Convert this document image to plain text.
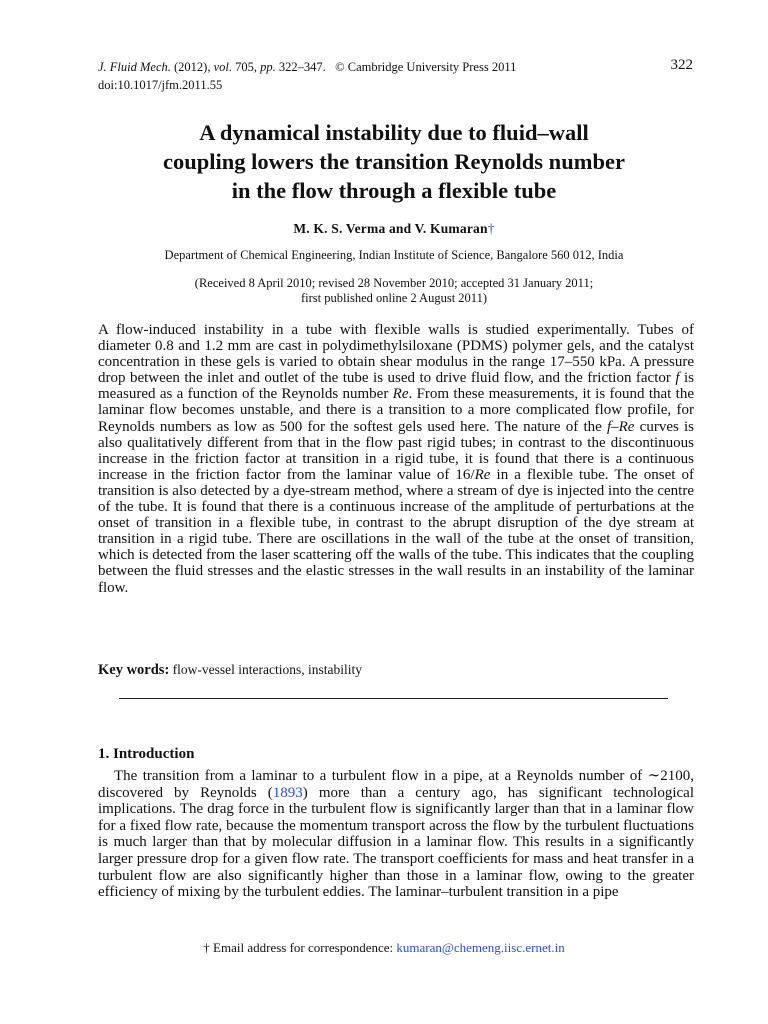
J. Fluid Mech. (2012), vol. 705, pp. 322–347. © Cambridge University Press 2011
doi:10.1017/jfm.2011.55
322
A dynamical instability due to fluid–wall
coupling lowers the transition Reynolds number
in the flow through a flexible tube
M. K. S. Verma and V. Kumaran†
Department of Chemical Engineering, Indian Institute of Science, Bangalore 560 012, India
(Received 8 April 2010; revised 28 November 2010; accepted 31 January 2011;
first published online 2 August 2011)
A flow-induced instability in a tube with flexible walls is studied experimentally. Tubes of diameter 0.8 and 1.2 mm are cast in polydimethylsiloxane (PDMS) polymer gels, and the catalyst concentration in these gels is varied to obtain shear modulus in the range 17–550 kPa. A pressure drop between the inlet and outlet of the tube is used to drive fluid flow, and the friction factor f is measured as a function of the Reynolds number Re. From these measurements, it is found that the laminar flow becomes unstable, and there is a transition to a more complicated flow profile, for Reynolds numbers as low as 500 for the softest gels used here. The nature of the f–Re curves is also qualitatively different from that in the flow past rigid tubes; in contrast to the discontinuous increase in the friction factor at transition in a rigid tube, it is found that there is a continuous increase in the friction factor from the laminar value of 16/Re in a flexible tube. The onset of transition is also detected by a dye-stream method, where a stream of dye is injected into the centre of the tube. It is found that there is a continuous increase of the amplitude of perturbations at the onset of transition in a flexible tube, in contrast to the abrupt disruption of the dye stream at transition in a rigid tube. There are oscillations in the wall of the tube at the onset of transition, which is detected from the laser scattering off the walls of the tube. This indicates that the coupling between the fluid stresses and the elastic stresses in the wall results in an instability of the laminar flow.
Key words: flow-vessel interactions, instability
1. Introduction
The transition from a laminar to a turbulent flow in a pipe, at a Reynolds number of ∼2100, discovered by Reynolds (1893) more than a century ago, has significant technological implications. The drag force in the turbulent flow is significantly larger than that in a laminar flow for a fixed flow rate, because the momentum transport across the flow by the turbulent fluctuations is much larger than that by molecular diffusion in a laminar flow. This results in a significantly larger pressure drop for a given flow rate. The transport coefficients for mass and heat transfer in a turbulent flow are also significantly higher than those in a laminar flow, owing to the greater efficiency of mixing by the turbulent eddies. The laminar–turbulent transition in a pipe
† Email address for correspondence: kumaran@chemeng.iisc.ernet.in
